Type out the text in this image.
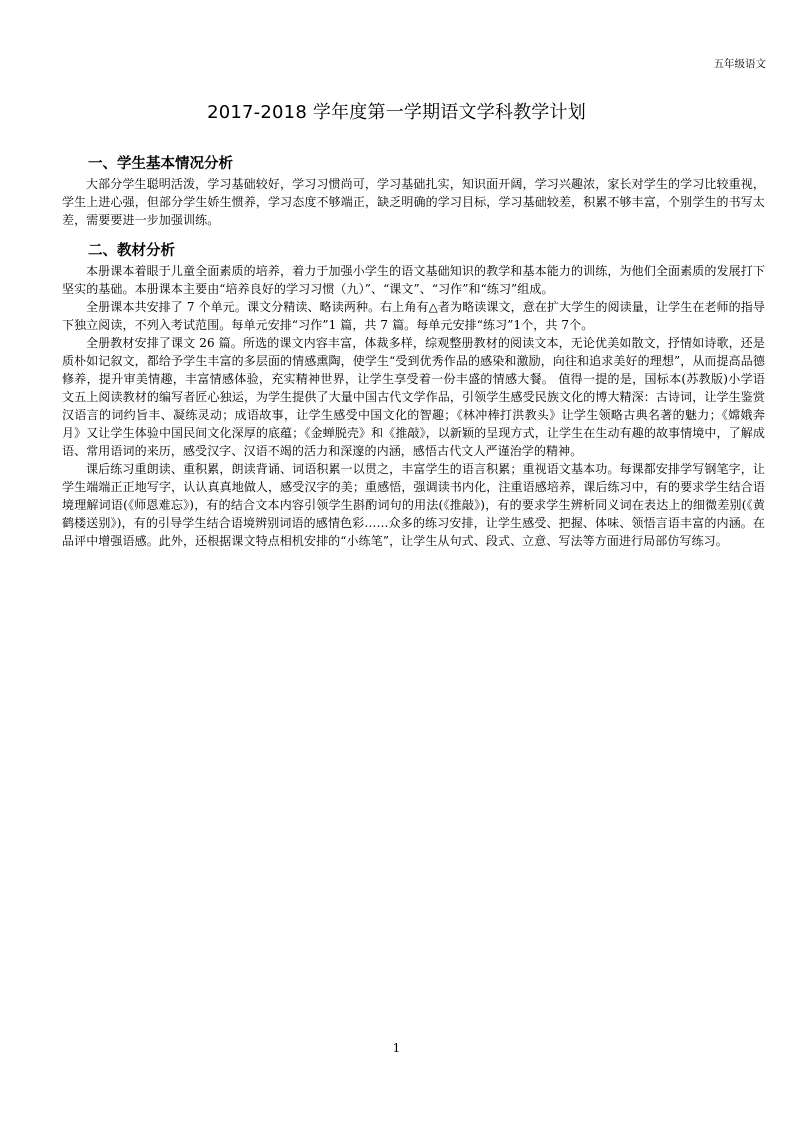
五年级语文
2017-2018 学年度第一学期语文学科教学计划
一、学生基本情况分析

大部分学生聪明活泼，学习基础较好，学习习惯尚可，学习基础扎实，知识面开阔，学习兴趣浓，家长对学生的学习比较重视，学生上进心强，但部分学生娇生惯养，学习态度不够端正，缺乏明确的学习目标，学习基础较差，积累不够丰富，个别学生的书写太差，需要要进一步加强训练。

二、教材分析

本册课本着眼于儿童全面素质的培养，着力于加强小学生的语文基础知识的教学和基本能力的训练，为他们全面素质的发展打下坚实的基础。本册课本主要由“培养良好的学习习惯（九）”、“课文”、“习作”和“练习”组成。

全册课本共安排了 7 个单元。课文分精读、略读两种。右上角有△者为略读课文，意在扩大学生的阅读量，让学生在老师的指导下独立阅读，不列入考试范围。每单元安排“习作”1 篇，共 7 篇。每单元安排“练习”1个，共 7个。

全册教材安排了课文 26 篇。所选的课文内容丰富，体裁多样，综观整册教材的阅读文本，无论优美如散文，抒情如诗歌，还是质朴如记叙文，都给予学生丰富的多层面的情感熏陶，使学生“受到优秀作品的感染和激励，向往和追求美好的理想”，从而提高品德修养，提升审美情趣，丰富情感体验，充实精神世界，让学生享受着一份丰盛的情感大餐。 值得一提的是，国标本(苏教版)小学语文五上阅读教材的编写者匠心独运，为学生提供了大量中国古代文学作品，引领学生感受民族文化的博大精深：古诗词，让学生鉴赏汉语言的词约旨丰、凝练灵动；成语故事，让学生感受中国文化的智趣；《林冲棒打洪教头》让学生领略古典名著的魅力；《嫦娥奔月》又让学生体验中国民间文化深厚的底蕴；《金蝉脱壳》和《推敲》，以新颖的呈现方式，让学生在生动有趣的故事情境中，了解成语、常用语词的来历，感受汉字、汉语不竭的活力和深邃的内涵，感悟古代文人严谨治学的精神。

课后练习重朗读、重积累，朗读背诵、词语积累一以贯之，丰富学生的语言积累；重视语文基本功。每课都安排学写钢笔字，让学生端端正正地写字，认认真真地做人，感受汉字的美；重感悟，强调读书内化，注重语感培养，课后练习中，有的要求学生结合语境理解词语(《师恩难忘》)，有的结合文本内容引领学生斟酌词句的用法(《推敲》)，有的要求学生辨析同义词在表达上的细微差别(《黄鹤楼送别》)，有的引导学生结合语境辨别词语的感情色彩……众多的练习安排，让学生感受、把握、体味、领悟言语丰富的内涵。在品评中增强语感。此外，还根据课文特点相机安排的“小练笔”，让学生从句式、段式、立意、写法等方面进行局部仿写练习。

1
